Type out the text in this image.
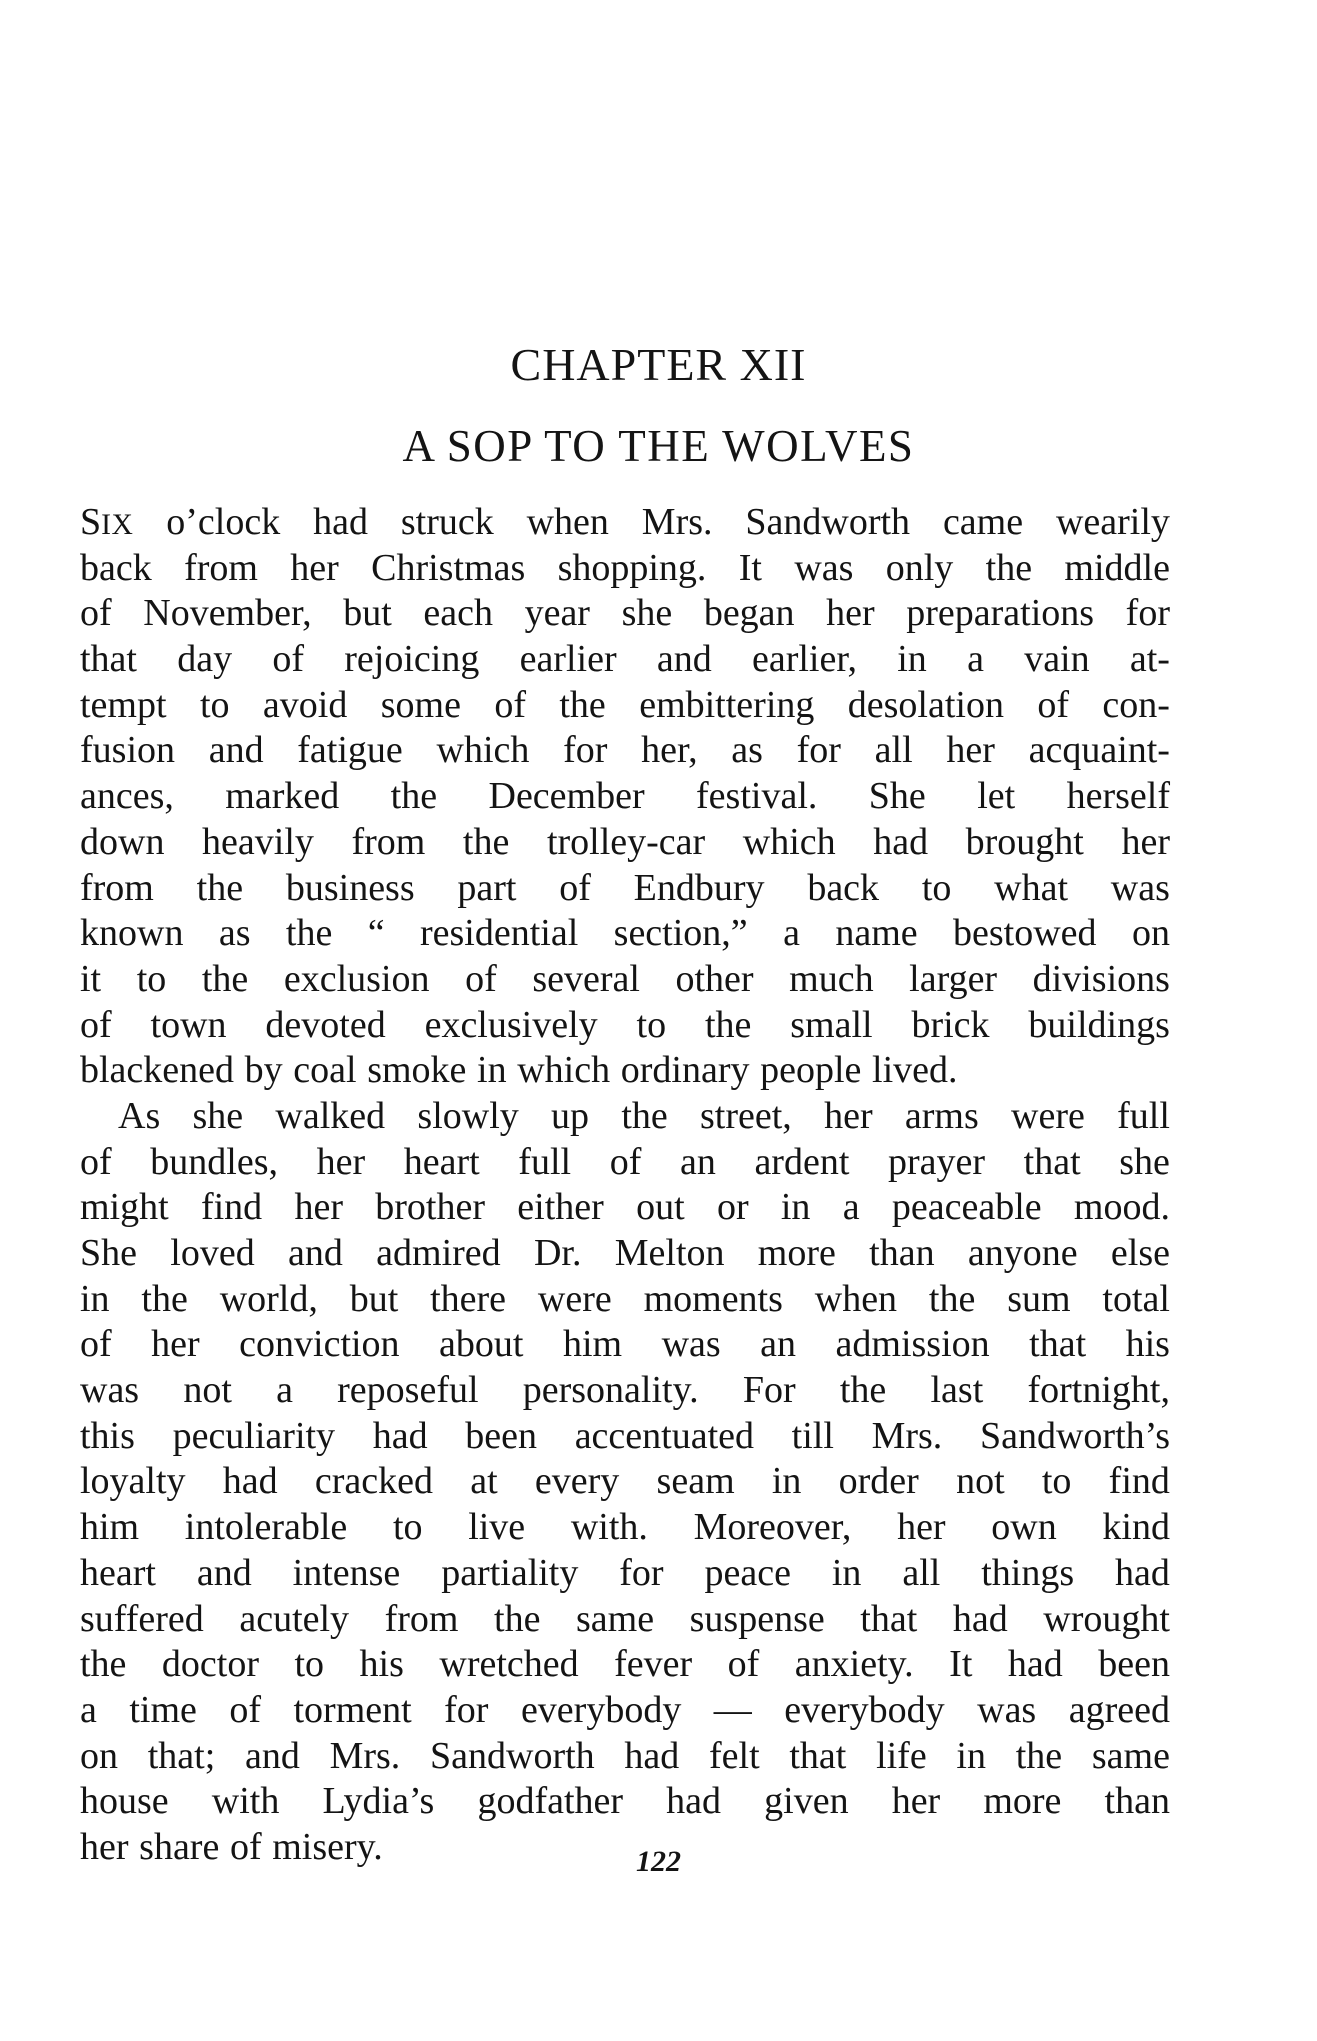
CHAPTER XII
A SOP TO THE WOLVES
SIX o’clock had struck when Mrs. Sandworth came wearily
back from her Christmas shopping. It was only the middle
of November, but each year she began her preparations for
that day of rejoicing earlier and earlier, in a vain at-
tempt to avoid some of the embittering desolation of con-
fusion and fatigue which for her, as for all her acquaint-
ances, marked the December festival. She let herself
down heavily from the trolley-car which had brought her
from the business part of Endbury back to what was
known as the “ residential section,” a name bestowed on
it to the exclusion of several other much larger divisions
of town devoted exclusively to the small brick buildings
blackened by coal smoke in which ordinary people lived.
As she walked slowly up the street, her arms were full
of bundles, her heart full of an ardent prayer that she
might find her brother either out or in a peaceable mood.
She loved and admired Dr. Melton more than anyone else
in the world, but there were moments when the sum total
of her conviction about him was an admission that his
was not a reposeful personality. For the last fortnight,
this peculiarity had been accentuated till Mrs. Sandworth’s
loyalty had cracked at every seam in order not to find
him intolerable to live with. Moreover, her own kind
heart and intense partiality for peace in all things had
suffered acutely from the same suspense that had wrought
the doctor to his wretched fever of anxiety. It had been
a time of torment for everybody — everybody was agreed
on that; and Mrs. Sandworth had felt that life in the same
house with Lydia’s godfather had given her more than
her share of misery.	122
